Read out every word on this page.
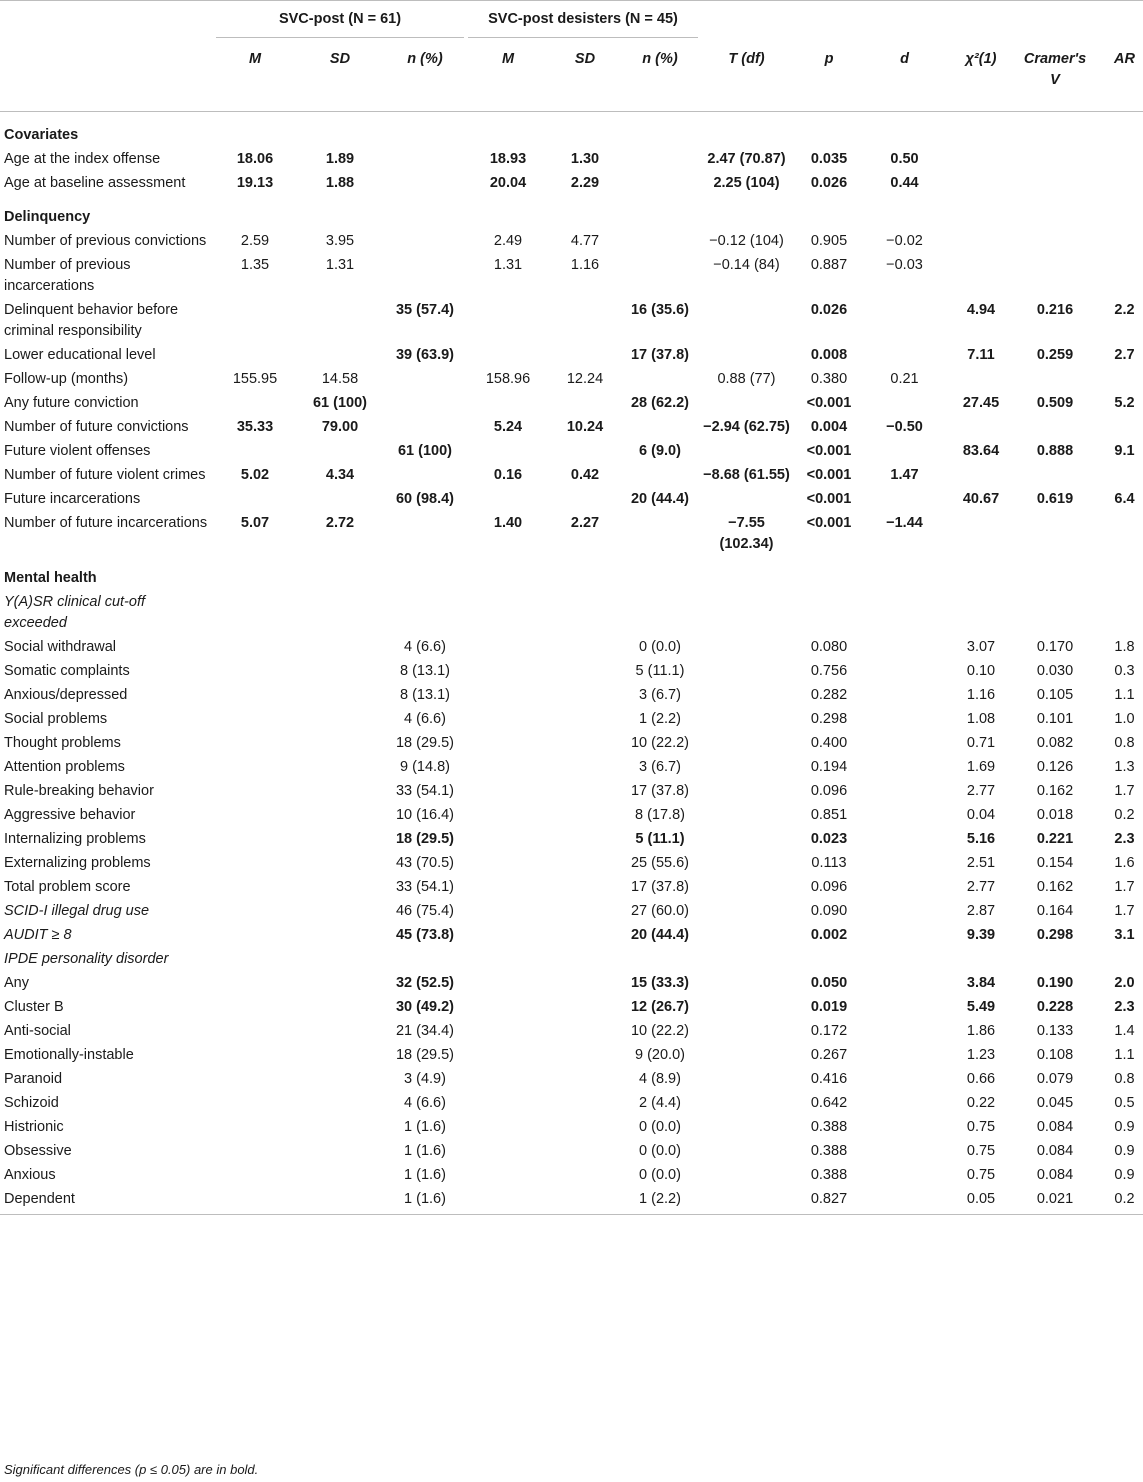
	SVC-post (N = 61)			SVC-post desisters (N = 45)								

	M	SD	n (%)	M	SD	n (%)	T (df)	p	d	χ²(1)	Cramer's V	AR
Covariates												
Age at the index offense	18.06	1.89		18.93	1.30		2.47 (70.87)	0.035	0.50			
Age at baseline assessment	19.13	1.88		20.04	2.29		2.25 (104)	0.026	0.44			
Delinquency												
Number of previous convictions	2.59	3.95		2.49	4.77		−0.12 (104)	0.905	−0.02			
Number of previous incarcerations	1.35	1.31		1.31	1.16		−0.14 (84)	0.887	−0.03			
Delinquent behavior before criminal responsibility			35 (57.4)			16 (35.6)		0.026		4.94	0.216	2.2
Lower educational level			39 (63.9)			17 (37.8)		0.008		7.11	0.259	2.7
Follow-up (months)	155.95	14.58		158.96	12.24		0.88 (77)	0.380	0.21			
Any future conviction		61 (100)				28 (62.2)		<0.001		27.45	0.509	5.2
Number of future convictions	35.33	79.00		5.24	10.24		−2.94 (62.75)	0.004	−0.50			
Future violent offenses			61 (100)			6 (9.0)		<0.001		83.64	0.888	9.1
Number of future violent crimes	5.02	4.34		0.16	0.42		−8.68 (61.55)	<0.001	1.47			
Future incarcerations			60 (98.4)			20 (44.4)		<0.001		40.67	0.619	6.4
Number of future incarcerations	5.07	2.72		1.40	2.27		−7.55 (102.34)	<0.001	−1.44			
Mental health												
Y(A)SR clinical cut-off exceeded												
Social withdrawal			4 (6.6)			0 (0.0)		0.080		3.07	0.170	1.8
Somatic complaints			8 (13.1)			5 (11.1)		0.756		0.10	0.030	0.3
Anxious/depressed			8 (13.1)			3 (6.7)		0.282		1.16	0.105	1.1
Social problems			4 (6.6)			1 (2.2)		0.298		1.08	0.101	1.0
Thought problems			18 (29.5)			10 (22.2)		0.400		0.71	0.082	0.8
Attention problems			9 (14.8)			3 (6.7)		0.194		1.69	0.126	1.3
Rule-breaking behavior			33 (54.1)			17 (37.8)		0.096		2.77	0.162	1.7
Aggressive behavior			10 (16.4)			8 (17.8)		0.851		0.04	0.018	0.2
Internalizing problems			18 (29.5)			5 (11.1)		0.023		5.16	0.221	2.3
Externalizing problems			43 (70.5)			25 (55.6)		0.113		2.51	0.154	1.6
Total problem score			33 (54.1)			17 (37.8)		0.096		2.77	0.162	1.7
SCID-I illegal drug use			46 (75.4)			27 (60.0)		0.090		2.87	0.164	1.7
AUDIT ≥ 8			45 (73.8)			20 (44.4)		0.002		9.39	0.298	3.1
IPDE personality disorder												
Any			32 (52.5)			15 (33.3)		0.050		3.84	0.190	2.0
Cluster B			30 (49.2)			12 (26.7)		0.019		5.49	0.228	2.3
Anti-social			21 (34.4)			10 (22.2)		0.172		1.86	0.133	1.4
Emotionally-instable			18 (29.5)			9 (20.0)		0.267		1.23	0.108	1.1
Paranoid			3 (4.9)			4 (8.9)		0.416		0.66	0.079	0.8
Schizoid			4 (6.6)			2 (4.4)		0.642		0.22	0.045	0.5
Histrionic			1 (1.6)			0 (0.0)		0.388		0.75	0.084	0.9
Obsessive			1 (1.6)			0 (0.0)		0.388		0.75	0.084	0.9
Anxious			1 (1.6)			0 (0.0)		0.388		0.75	0.084	0.9
Dependent			1 (1.6)			1 (2.2)		0.827		0.05	0.021	0.2

Significant differences (p ≤ 0.05) are in bold.
